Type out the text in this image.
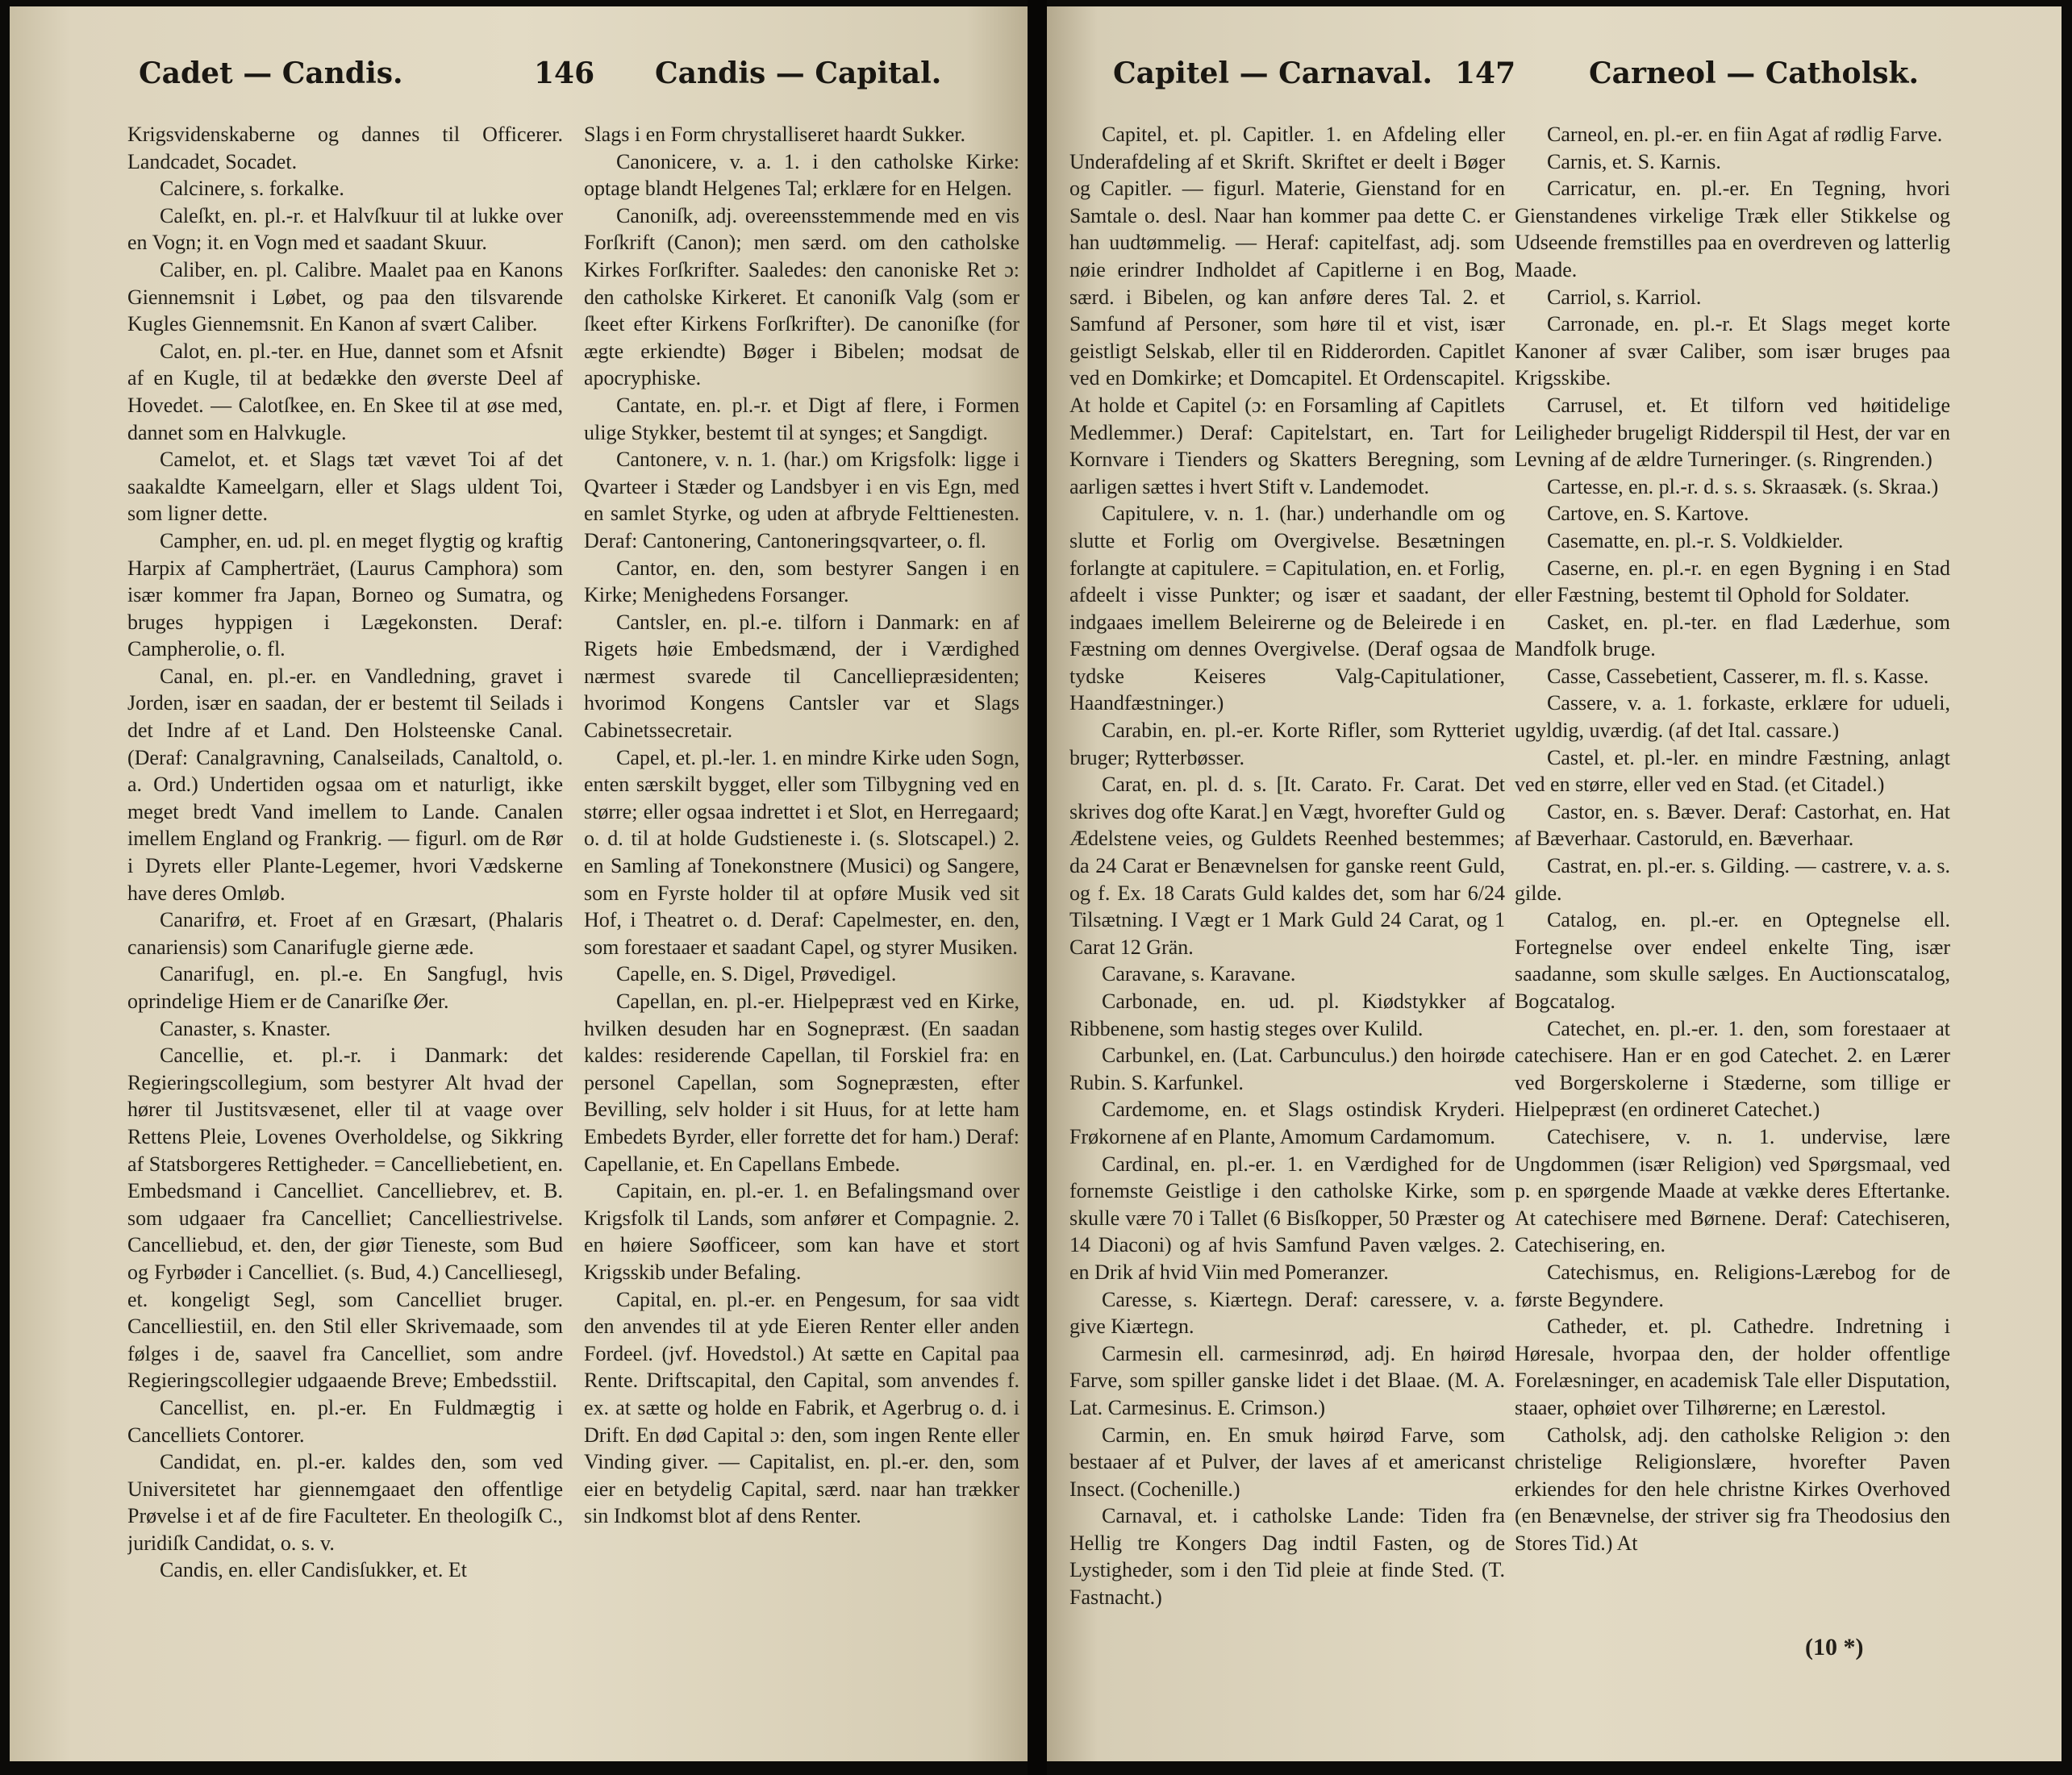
Cadet — Candis.	146 Candis — Capital.

Krigsvidenskaberne og dannes til Officerer. Landcadet, Socadet.

Calcinere, s. forkalke.

Caleſkt, en. pl.-r. et Halvſkuur til at lukke over en Vogn; it. en Vogn med et saadant Skuur.

Caliber, en. pl. Calibre. Maalet paa en Kanons Giennemsnit i Løbet, og paa den tilsvarende Kugles Giennemsnit. En Kanon af svært Caliber.

Calot, en. pl.-ter. en Hue, dannet som et Afsnit af en Kugle, til at bedække den øverste Deel af Hovedet. — Calotſkee, en. En Skee til at øse med, dannet som en Halvkugle.

Camelot, et. et Slags tæt vævet Toi af det saakaldte Kameelgarn, eller et Slags uldent Toi, som ligner dette.

Campher, en. ud. pl. en meget flygtig og kraftig Harpix af Campherträet, (Laurus Camphora) som især kommer fra Japan, Borneo og Sumatra, og bruges hyppigen i Lægekonsten. Deraf: Campherolie, o. fl.

Canal, en. pl.-er. en Vandledning, gravet i Jorden, især en saadan, der er bestemt til Seilads i det Indre af et Land. Den Holsteenske Canal. (Deraf: Canalgravning, Canalseilads, Canaltold, o. a. Ord.) Undertiden ogsaa om et naturligt, ikke meget bredt Vand imellem to Lande. Canalen imellem England og Frankrig. — figurl. om de Rør i Dyrets eller Plante-Legemer, hvori Vædskerne have deres Omløb.

Canarifrø, et. Froet af en Græsart, (Phalaris canariensis) som Canarifugle gierne æde.

Canarifugl, en. pl.-e. En Sangfugl, hvis oprindelige Hiem er de Canariſke Øer.

Canaster, s. Knaster.

Cancellie, et. pl.-r. i Danmark: det Regieringscollegium, som bestyrer Alt hvad der hører til Justitsvæsenet, eller til at vaage over Rettens Pleie, Lovenes Overholdelse, og Sikkring af Statsborgeres Rettigheder. = Cancelliebetient, en. Embedsmand i Cancelliet. Cancelliebrev, et. B. som udgaaer fra Cancelliet; Cancelliestrivelse. Cancelliebud, et. den, der giør Tieneste, som Bud og Fyrbøder i Cancelliet. (s. Bud, 4.) Cancelliesegl, et. kongeligt Segl, som Cancelliet bruger. Cancelliestiil, en. den Stil eller Skrivemaade, som følges i de, saavel fra Cancelliet, som andre Regieringscollegier udgaaende Breve; Embedsstiil.

Cancellist, en. pl.-er. En Fuldmægtig i Cancelliets Contorer.

Candidat, en. pl.-er. kaldes den, som ved Universitetet har giennemgaaet den offentlige Prøvelse i et af de fire Faculteter. En theologiſk C., juridiſk Candidat, o. s. v.

Candis, en. eller Candisſukker, et. Et

Slags i en Form chrystalliseret haardt Sukker.

Canonicere, v. a. 1. i den catholske Kirke: optage blandt Helgenes Tal; erklære for en Helgen.

Canoniſk, adj. overeensstemmende med en vis Forſkrift (Canon); men særd. om den catholske Kirkes Forſkrifter. Saaledes: den canoniske Ret ɔ: den catholske Kirkeret. Et canoniſk Valg (som er ſkeet efter Kirkens Forſkrifter). De canoniſke (for ægte erkiendte) Bøger i Bibelen; modsat de apocryphiske.

Cantate, en. pl.-r. et Digt af flere, i Formen ulige Stykker, bestemt til at synges; et Sangdigt.

Cantonere, v. n. 1. (har.) om Krigsfolk: ligge i Qvarteer i Stæder og Landsbyer i en vis Egn, med en samlet Styrke, og uden at afbryde Felttienesten. Deraf: Cantonering, Cantoneringsqvarteer, o. fl.

Cantor, en. den, som bestyrer Sangen i en Kirke; Menighedens Forsanger.

Cantsler, en. pl.-e. tilforn i Danmark: en af Rigets høie Embedsmænd, der i Værdighed nærmest svarede til Cancelliepræsidenten; hvorimod Kongens Cantsler var et Slags Cabinetssecretair.

Capel, et. pl.-ler. 1. en mindre Kirke uden Sogn, enten særskilt bygget, eller som Tilbygning ved en større; eller ogsaa indrettet i et Slot, en Herregaard; o. d. til at holde Gudstieneste i. (s. Slotscapel.) 2. en Samling af Tonekonstnere (Musici) og Sangere, som en Fyrste holder til at opføre Musik ved sit Hof, i Theatret o. d. Deraf: Capelmester, en. den, som forestaaer et saadant Capel, og styrer Musiken.

Capelle, en. S. Digel, Prøvedigel.

Capellan, en. pl.-er. Hielpepræst ved en Kirke, hvilken desuden har en Sognepræst. (En saadan kaldes: residerende Capellan, til Forskiel fra: en personel Capellan, som Sognepræsten, efter Bevilling, selv holder i sit Huus, for at lette ham Embedets Byrder, eller forrette det for ham.) Deraf: Capellanie, et. En Capellans Embede.

Capitain, en. pl.-er. 1. en Befalingsmand over Krigsfolk til Lands, som anfører et Compagnie. 2. en høiere Søofficeer, som kan have et stort Krigsskib under Befaling.

Capital, en. pl.-er. en Pengesum, for saa vidt den anvendes til at yde Eieren Renter eller anden Fordeel. (jvf. Hovedstol.) At sætte en Capital paa Rente. Driftscapital, den Capital, som anvendes f. ex. at sætte og holde en Fabrik, et Agerbrug o. d. i Drift. En død Capital ɔ: den, som ingen Rente eller Vinding giver. — Capitalist, en. pl.-er. den, som eier en betydelig Capital, særd. naar han trækker sin Indkomst blot af dens Renter.

Capitel — Carnaval. 147	Carneol — Catholsk.

Capitel, et. pl. Capitler. 1. en Afdeling eller Underafdeling af et Skrift. Skriftet er deelt i Bøger og Capitler. — figurl. Materie, Gienstand for en Samtale o. desl. Naar han kommer paa dette C. er han uudtømmelig. — Heraf: capitelfast, adj. som nøie erindrer Indholdet af Capitlerne i en Bog, særd. i Bibelen, og kan anføre deres Tal. 2. et Samfund af Personer, som høre til et vist, især geistligt Selskab, eller til en Ridderorden. Capitlet ved en Domkirke; et Domcapitel. Et Ordenscapitel. At holde et Capitel (ɔ: en Forsamling af Capitlets Medlemmer.) Deraf: Capitelstart, en. Tart for Kornvare i Tienders og Skatters Beregning, som aarligen sættes i hvert Stift v. Landemodet.

Capitulere, v. n. 1. (har.) underhandle om og slutte et Forlig om Overgivelse. Besætningen forlangte at capitulere. = Capitulation, en. et Forlig, afdeelt i visse Punkter; og især et saadant, der indgaaes imellem Beleirerne og de Beleirede i en Fæstning om dennes Overgivelse. (Deraf ogsaa de tydske Keiseres Valg-Capitulationer, Haandfæstninger.)

Carabin, en. pl.-er. Korte Rifler, som Rytteriet bruger; Rytterbøsser.

Carat, en. pl. d. s. [It. Carato. Fr. Carat. Det skrives dog ofte Karat.] en Vægt, hvorefter Guld og Ædelstene veies, og Guldets Reenhed bestemmes; da 24 Carat er Benævnelsen for ganske reent Guld, og f. Ex. 18 Carats Guld kaldes det, som har 6/24 Tilsætning. I Vægt er 1 Mark Guld 24 Carat, og 1 Carat 12 Grän.

Caravane, s. Karavane.

Carbonade, en. ud. pl. Kiødstykker af Ribbenene, som hastig steges over Kulild.

Carbunkel, en. (Lat. Carbunculus.) den hoirøde Rubin. S. Karfunkel.

Cardemome, en. et Slags ostindisk Kryderi. Frøkornene af en Plante, Amomum Cardamomum.

Cardinal, en. pl.-er. 1. en Værdighed for de fornemste Geistlige i den catholske Kirke, som skulle være 70 i Tallet (6 Bisſkopper, 50 Præster og 14 Diaconi) og af hvis Samfund Paven vælges. 2. en Drik af hvid Viin med Pomeranzer.

Caresse, s. Kiærtegn. Deraf: caressere, v. a. give Kiærtegn.

Carmesin ell. carmesinrød, adj. En høirød Farve, som spiller ganske lidet i det Blaae. (M. A. Lat. Carmesinus. E. Crimson.)

Carmin, en. En smuk høirød Farve, som bestaaer af et Pulver, der laves af et americanst Insect. (Cochenille.)

Carnaval, et. i catholske Lande: Tiden fra Hellig tre Kongers Dag indtil Fasten, og de Lystigheder, som i den Tid pleie at finde Sted. (T. Fastnacht.)

Carneol, en. pl.-er. en fiin Agat af rødlig Farve.

Carnis, et. S. Karnis.

Carricatur, en. pl.-er. En Tegning, hvori Gienstandenes virkelige Træk eller Stikkelse og Udseende fremstilles paa en overdreven og latterlig Maade.

Carriol, s. Karriol.

Carronade, en. pl.-r. Et Slags meget korte Kanoner af svær Caliber, som især bruges paa Krigsskibe.

Carrusel, et. Et tilforn ved høitidelige Leiligheder brugeligt Ridderspil til Hest, der var en Levning af de ældre Turneringer. (s. Ringrenden.)

Cartesse, en. pl.-r. d. s. s. Skraasæk. (s. Skraa.)

Cartove, en. S. Kartove.

Casematte, en. pl.-r. S. Voldkielder.

Caserne, en. pl.-r. en egen Bygning i en Stad eller Fæstning, bestemt til Ophold for Soldater.

Casket, en. pl.-ter. en flad Læderhue, som Mandfolk bruge.

Casse, Cassebetient, Casserer, m. fl. s. Kasse.

Cassere, v. a. 1. forkaste, erklære for udueli, ugyldig, uværdig. (af det Ital. cassare.)

Castel, et. pl.-ler. en mindre Fæstning, anlagt ved en større, eller ved en Stad. (et Citadel.)

Castor, en. s. Bæver. Deraf: Castorhat, en. Hat af Bæverhaar. Castoruld, en. Bæverhaar.

Castrat, en. pl.-er. s. Gilding. — castrere, v. a. s. gilde.

Catalog, en. pl.-er. en Optegnelse ell. Fortegnelse over endeel enkelte Ting, især saadanne, som skulle sælges. En Auctionscatalog, Bogcatalog.

Catechet, en. pl.-er. 1. den, som forestaaer at catechisere. Han er en god Catechet. 2. en Lærer ved Borgerskolerne i Stæderne, som tillige er Hielpepræst (en ordineret Catechet.)

Catechisere, v. n. 1. undervise, lære Ungdommen (især Religion) ved Spørgsmaal, ved p. en spørgende Maade at vække deres Eftertanke. At catechisere med Børnene. Deraf: Catechiseren, Catechisering, en.

Catechismus, en. Religions-Lærebog for de første Begyndere.

Catheder, et. pl. Cathedre. Indretning i Høresale, hvorpaa den, der holder offentlige Forelæsninger, en academisk Tale eller Disputation, staaer, ophøiet over Tilhørerne; en Lærestol.

Catholsk, adj. den catholske Religion ɔ: den christelige Religionslære, hvorefter Paven erkiendes for den hele christne Kirkes Overhoved (en Benævnelse, der striver sig fra Theodosius den Stores Tid.) At

(10 *)
